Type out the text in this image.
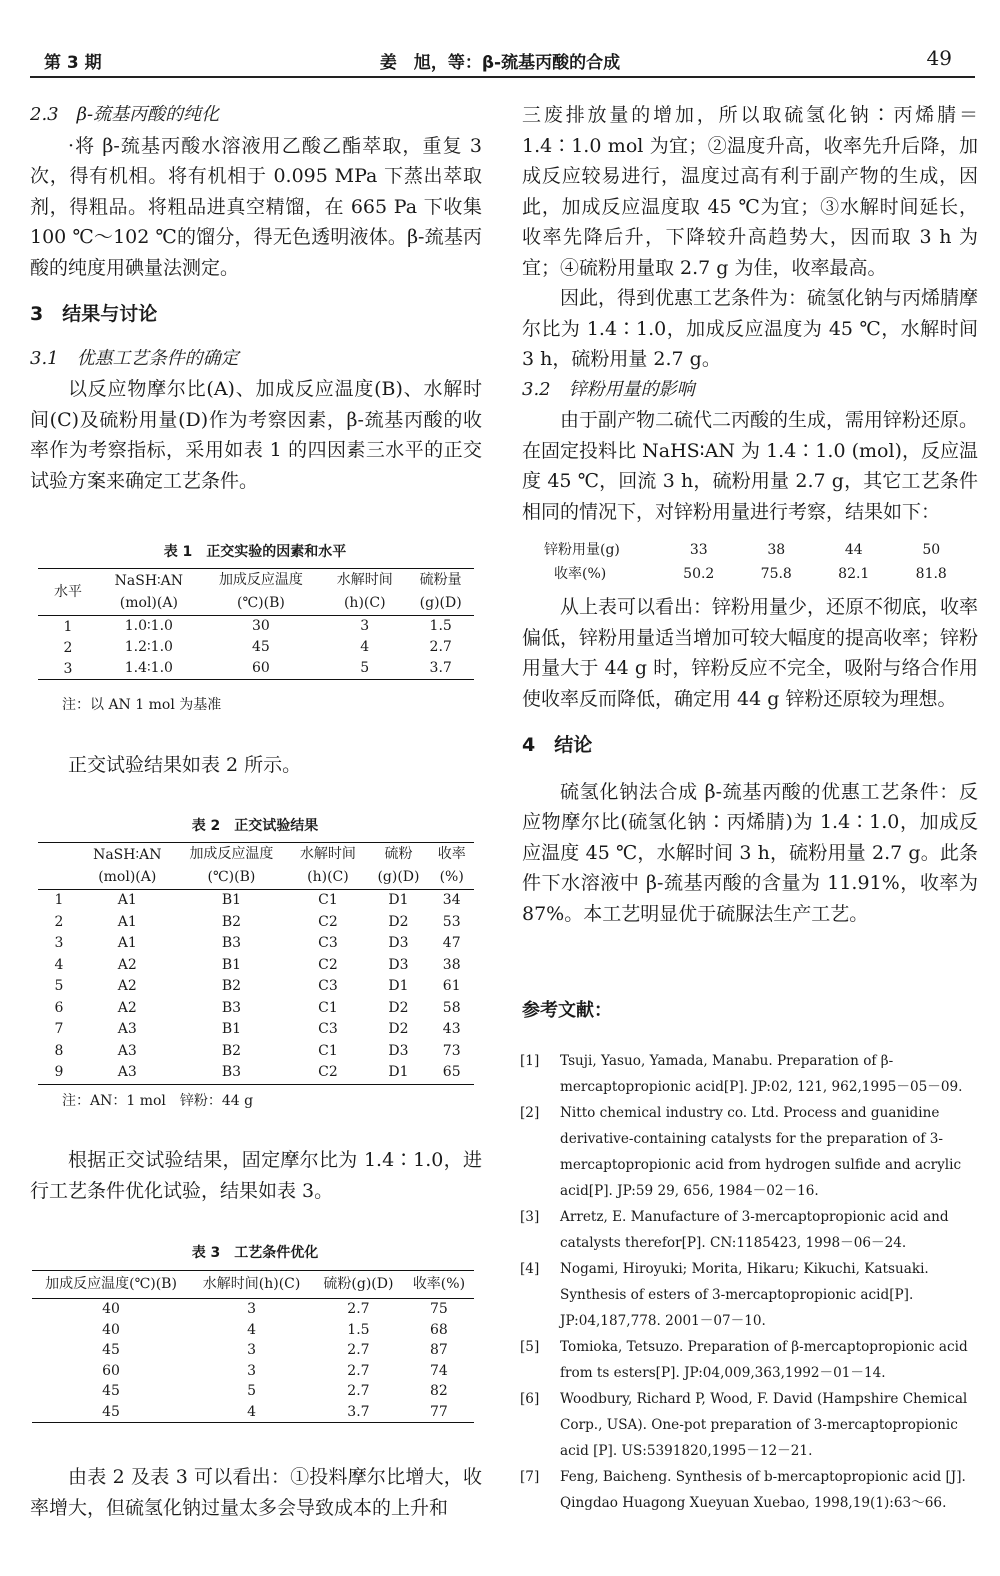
第 3 期	姜　旭，等：β-巯基丙酸的合成	49
2.3　β-巯基丙酸的纯化

·将 β-巯基丙酸水溶液用乙酸乙酯萃取，重复 3 次，得有机相。将有机相于 0.095 MPa 下蒸出萃取剂，得粗品。将粗品进真空精馏，在 665 Pa 下收集 100 ℃～102 ℃的馏分，得无色透明液体。β-巯基丙酸的纯度用碘量法测定。

3　结果与讨论
3.1　优惠工艺条件的确定

以反应物摩尔比(A)、加成反应温度(B)、水解时间(C)及硫粉用量(D)作为考察因素，β-巯基丙酸的收率作为考察指标，采用如表 1 的四因素三水平的正交试验方案来确定工艺条件。

表 1　正交实验的因素和水平
水平	NaSH∶AN	加成反应温度	水解时间	硫粉量
	(mol)(A)	(℃)(B)	(h)(C)	(g)(D)
1	1.0∶1.0	30	3	1.5
2	1.2∶1.0	45	4	2.7
3	1.4∶1.0	60	5	3.7
注：以 AN 1 mol 为基准

正交试验结果如表 2 所示。

表 2　正交试验结果
	NaSH∶AN	加成反应温度	水解时间	硫粉	收率
	(mol)(A)	(℃)(B)	(h)(C)	(g)(D)	(%)
1	A1	B1	C1	D1	34
2	A1	B2	C2	D2	53
3	A1	B3	C3	D3	47
4	A2	B1	C2	D3	38
5	A2	B2	C3	D1	61
6	A2	B3	C1	D2	58
7	A3	B1	C3	D2	43
8	A3	B2	C1	D3	73
9	A3	B3	C2	D1	65
注：AN：1 mol　锌粉：44 g

根据正交试验结果，固定摩尔比为 1.4∶1.0，进行工艺条件优化试验，结果如表 3。

表 3　工艺条件优化
加成反应温度(℃)(B)	水解时间(h)(C)	硫粉(g)(D)	收率(%)
40	3	2.7	75
40	4	1.5	68
45	3	2.7	87
60	3	2.7	74
45	5	2.7	82
45	4	3.7	77

由表 2 及表 3 可以看出：①投料摩尔比增大，收率增大，但硫氢化钠过量太多会导致成本的上升和

三废排放量的增加，所以取硫氢化钠∶丙烯腈＝1.4∶1.0 mol 为宜；②温度升高，收率先升后降，加成反应较易进行，温度过高有利于副产物的生成，因此，加成反应温度取 45 ℃为宜；③水解时间延长，收率先降后升，下降较升高趋势大，因而取 3 h 为宜；④硫粉用量取 2.7 g 为佳，收率最高。

因此，得到优惠工艺条件为：硫氢化钠与丙烯腈摩尔比为 1.4∶1.0，加成反应温度为 45 ℃，水解时间 3 h，硫粉用量 2.7 g。

3.2　锌粉用量的影响

由于副产物二硫代二丙酸的生成，需用锌粉还原。在固定投料比 NaHS∶AN 为 1.4∶1.0 (mol)，反应温度 45 ℃，回流 3 h，硫粉用量 2.7 g，其它工艺条件相同的情况下，对锌粉用量进行考察，结果如下：

锌粉用量(g)	33	38	44	50
收率(%)	50.2	75.8	82.1	81.8

从上表可以看出：锌粉用量少，还原不彻底，收率偏低，锌粉用量适当增加可较大幅度的提高收率；锌粉用量大于 44 g 时，锌粉反应不完全，吸附与络合作用使收率反而降低，确定用 44 g 锌粉还原较为理想。

4　结论

硫氢化钠法合成 β-巯基丙酸的优惠工艺条件：反应物摩尔比(硫氢化钠∶丙烯腈)为 1.4∶1.0，加成反应温度 45 ℃，水解时间 3 h，硫粉用量 2.7 g。此条件下水溶液中 β-巯基丙酸的含量为 11.91%，收率为 87%。本工艺明显优于硫脲法生产工艺。

参考文献：
[1] Tsuji, Yasuo, Yamada, Manabu. Preparation of β-mercaptopropionic acid[P]. JP:02, 121, 962,1995－05－09.
[2] Nitto chemical industry co. Ltd. Process and guanidine derivative-containing catalysts for the preparation of 3-mercaptopropionic acid from hydrogen sulfide and acrylic acid[P]. JP:59 29, 656, 1984－02－16.
[3] Arretz, E. Manufacture of 3-mercaptopropionic acid and catalysts therefor[P]. CN:1185423, 1998－06－24.
[4] Nogami, Hiroyuki; Morita, Hikaru; Kikuchi, Katsuaki. Synthesis of esters of 3-mercaptopropionic acid[P]. JP:04,187,778. 2001－07－10.
[5] Tomioka, Tetsuzo. Preparation of β-mercaptopropionic acid from ts esters[P]. JP:04,009,363,1992－01－14.
[6] Woodbury, Richard P, Wood, F. David (Hampshire Chemical Corp., USA). One-pot preparation of 3-mercaptopropionic acid [P]. US:5391820,1995－12－21.
[7] Feng, Baicheng. Synthesis of b-mercaptopropionic acid [J]. Qingdao Huagong Xueyuan Xuebao, 1998,19(1):63～66.
